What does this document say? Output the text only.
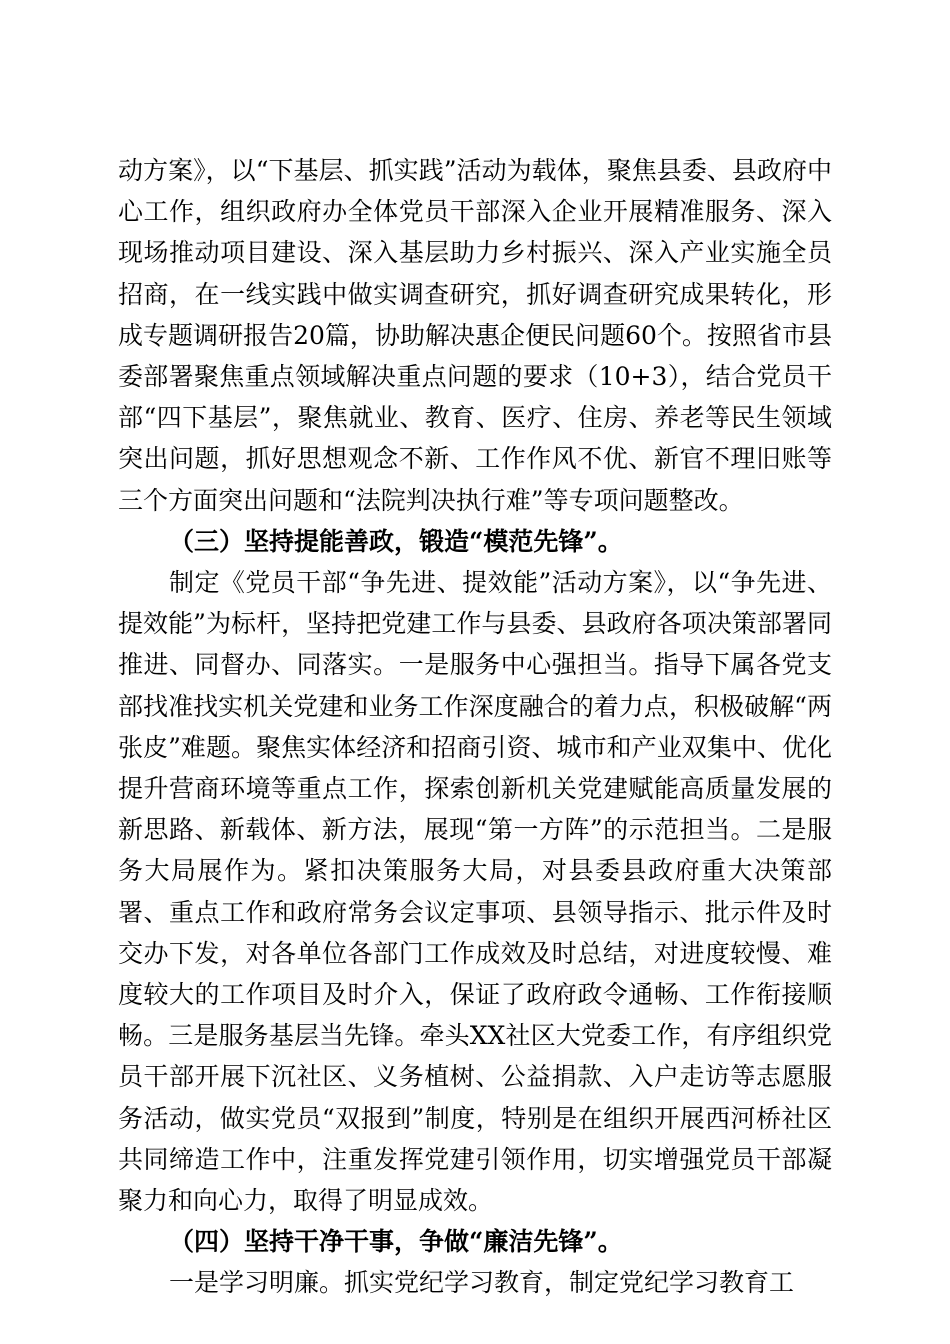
动方案》，以“下基层、抓实践”活动为载体，聚焦县委、县政府中心工作，组织政府办全体党员干部深入企业开展精准服务、深入现场推动项目建设、深入基层助力乡村振兴、深入产业实施全员招商，在一线实践中做实调查研究，抓好调查研究成果转化，形成专题调研报告20篇，协助解决惠企便民问题60个。按照省市县委部署聚焦重点领域解决重点问题的要求（10+3），结合党员干部“四下基层”，聚焦就业、教育、医疗、住房、养老等民生领域突出问题，抓好思想观念不新、工作作风不优、新官不理旧账等三个方面突出问题和“法院判决执行难”等专项问题整改。

（三）坚持提能善政，锻造“模范先锋”。

制定《党员干部“争先进、提效能”活动方案》，以“争先进、提效能”为标杆，坚持把党建工作与县委、县政府各项决策部署同推进、同督办、同落实。一是服务中心强担当。指导下属各党支部找准找实机关党建和业务工作深度融合的着力点，积极破解“两张皮”难题。聚焦实体经济和招商引资、城市和产业双集中、优化提升营商环境等重点工作，探索创新机关党建赋能高质量发展的新思路、新载体、新方法，展现“第一方阵”的示范担当。二是服务大局展作为。紧扣决策服务大局，对县委县政府重大决策部署、重点工作和政府常务会议定事项、县领导指示、批示件及时交办下发，对各单位各部门工作成效及时总结，对进度较慢、难度较大的工作项目及时介入，保证了政府政令通畅、工作衔接顺畅。三是服务基层当先锋。牵头XX社区大党委工作，有序组织党员干部开展下沉社区、义务植树、公益捐款、入户走访等志愿服务活动，做实党员“双报到”制度，特别是在组织开展西河桥社区共同缔造工作中，注重发挥党建引领作用，切实增强党员干部凝聚力和向心力，取得了明显成效。

（四）坚持干净干事，争做“廉洁先锋”。

一是学习明廉。抓实党纪学习教育，制定党纪学习教育工
